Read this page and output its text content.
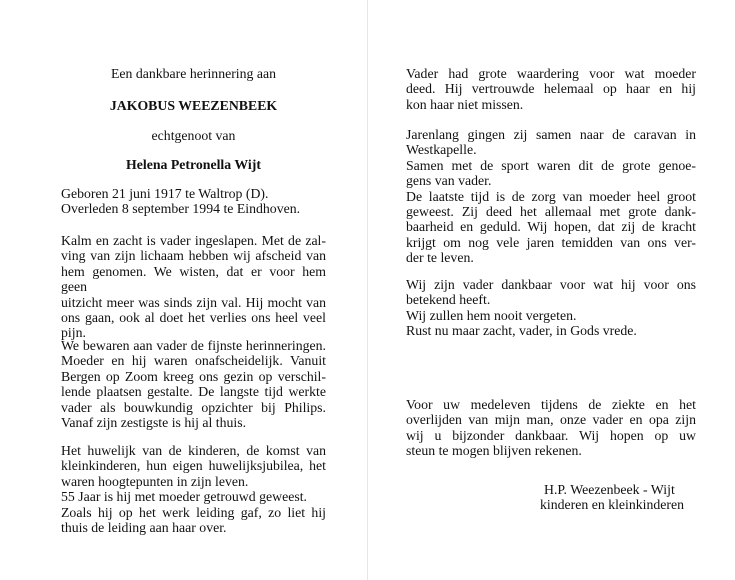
Een dankbare herinnering aan
JAKOBUS WEEZENBEEK
echtgenoot van
Helena Petronella Wijt
Geboren 21 juni 1917 te Waltrop (D).
Overleden 8 september 1994 te Eindhoven.

Kalm en zacht is vader ingeslapen. Met de zal-

ving van zijn lichaam hebben wij afscheid van

hem genomen. We wisten, dat er voor hem geen

uitzicht meer was sinds zijn val. Hij mocht van

ons gaan, ook al doet het verlies ons heel veel

pijn.

We bewaren aan vader de fijnste herinneringen.

Moeder en hij waren onafscheidelijk. Vanuit

Bergen op Zoom kreeg ons gezin op verschil-

lende plaatsen gestalte. De langste tijd werkte

vader als bouwkundig opzichter bij Philips.

Vanaf zijn zestigste is hij al thuis.

Het huwelijk van de kinderen, de komst van

kleinkinderen, hun eigen huwelijksjubilea, het

waren hoogtepunten in zijn leven.

55 Jaar is hij met moeder getrouwd geweest.

Zoals hij op het werk leiding gaf, zo liet hij

thuis de leiding aan haar over.

Vader had grote waardering voor wat moeder

deed. Hij vertrouwde helemaal op haar en hij

kon haar niet missen.

Jarenlang gingen zij samen naar de caravan in

Westkapelle.

Samen met de sport waren dit de grote genoe-

gens van vader.

De laatste tijd is de zorg van moeder heel groot

geweest. Zij deed het allemaal met grote dank-

baarheid en geduld. Wij hopen, dat zij de kracht

krijgt om nog vele jaren temidden van ons ver-

der te leven.

Wij zijn vader dankbaar voor wat hij voor ons

betekend heeft.

Wij zullen hem nooit vergeten.

Rust nu maar zacht, vader, in Gods vrede.

Voor uw medeleven tijdens de ziekte en het

overlijden van mijn man, onze vader en opa zijn

wij u bijzonder dankbaar. Wij hopen op uw

steun te mogen blijven rekenen.

H.P. Weezenbeek - Wijt
kinderen en kleinkinderen
